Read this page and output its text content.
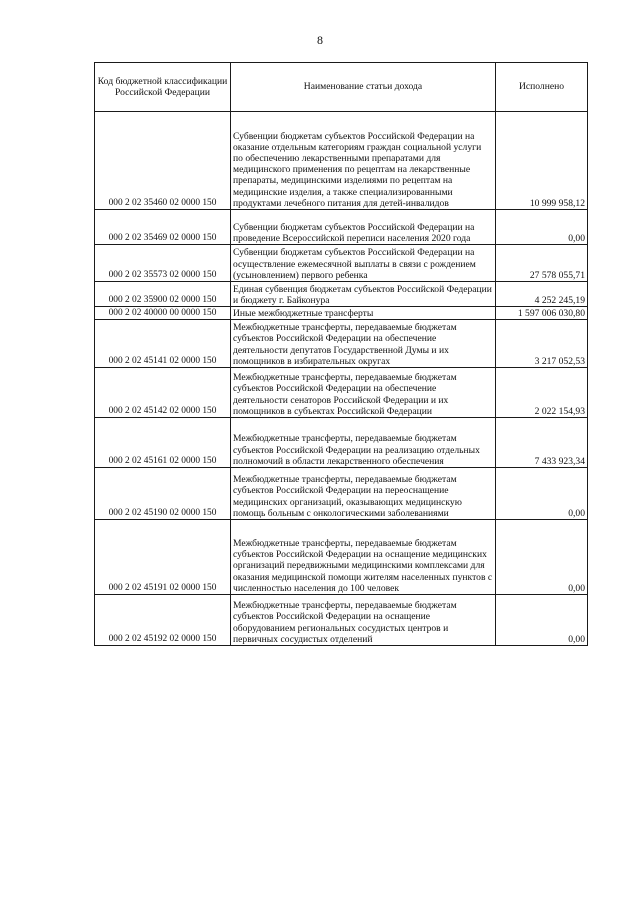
8
Код бюджетной классификации Российской Федерации	Наименование статьи дохода	Исполнено
000 2 02 35460 02 0000 150	Субвенции бюджетам субъектов Российской Федерации на оказание отдельным категориям граждан социальной услуги по обеспечению лекарственными препаратами для медицинского применения по рецептам на лекарственные препараты, медицинскими изделиями по рецептам на медицинские изделия, а также специализированными продуктами лечебного питания для детей-инвалидов	10 999 958,12
000 2 02 35469 02 0000 150	Субвенции бюджетам субъектов Российской Федерации на проведение Всероссийской переписи населения 2020 года	0,00
000 2 02 35573 02 0000 150	Субвенции бюджетам субъектов Российской Федерации на осуществление ежемесячной выплаты в связи с рождением (усыновлением) первого ребенка	27 578 055,71
000 2 02 35900 02 0000 150	Единая субвенция бюджетам субъектов Российской Федерации и бюджету г. Байконура	4 252 245,19
000 2 02 40000 00 0000 150	Иные межбюджетные трансферты	1 597 006 030,80
000 2 02 45141 02 0000 150	Межбюджетные трансферты, передаваемые бюджетам субъектов Российской Федерации на обеспечение деятельности депутатов Государственной Думы и их помощников в избирательных округах	3 217 052,53
000 2 02 45142 02 0000 150	Межбюджетные трансферты, передаваемые бюджетам субъектов Российской Федерации на обеспечение деятельности сенаторов Российской Федерации и их помощников в субъектах Российской Федерации	2 022 154,93
000 2 02 45161 02 0000 150	Межбюджетные трансферты, передаваемые бюджетам субъектов Российской Федерации на реализацию отдельных полномочий в области лекарственного обеспечения	7 433 923,34
000 2 02 45190 02 0000 150	Межбюджетные трансферты, передаваемые бюджетам субъектов Российской Федерации на переоснащение медицинских организаций, оказывающих медицинскую помощь больным с онкологическими заболеваниями	0,00
000 2 02 45191 02 0000 150	Межбюджетные трансферты, передаваемые бюджетам субъектов Российской Федерации на оснащение медицинских организаций передвижными медицинскими комплексами для оказания медицинской помощи жителям населенных пунктов с численностью населения до 100 человек	0,00
000 2 02 45192 02 0000 150	Межбюджетные трансферты, передаваемые бюджетам субъектов Российской Федерации на оснащение оборудованием региональных сосудистых центров и первичных сосудистых отделений	0,00
